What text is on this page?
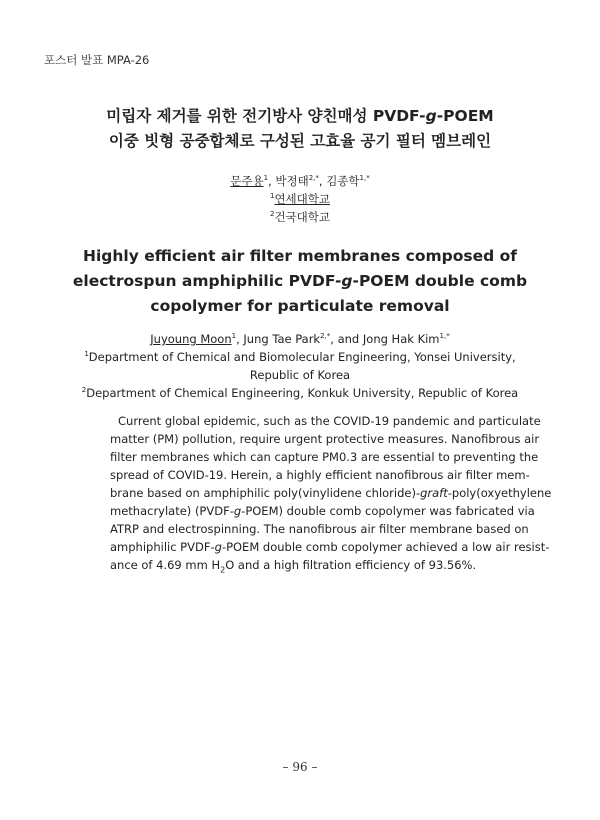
포스터 발표 MPA-26
미립자 제거를 위한 전기방사 양친매성 PVDF-g-POEM
이중 빗형 공중합체로 구성된 고효율 공기 필터 멤브레인
문주용$^1$, 박정태$^{2,*}$, 김종학$^{1,*}$
$^1$연세대학교
$^2$건국대학교
Highly efficient air filter membranes composed of
electrospun amphiphilic PVDF-g-POEM double comb
copolymer for particulate removal
Juyoung Moon$^1$, Jung Tae Park$^{2,*}$, and Jong Hak Kim$^{1,*}$
$^1$Department of Chemical and Biomolecular Engineering, Yonsei University,
Republic of Korea
$^2$Department of Chemical Engineering, Konkuk University, Republic of Korea
Current global epidemic, such as the COVID-19 pandemic and particulate
matter (PM) pollution, require urgent protective measures. Nanofibrous air
filter membranes which can capture PM0.3 are essential to preventing the
spread of COVID-19. Herein, a highly efficient nanofibrous air filter mem-
brane based on amphiphilic poly(vinylidene chloride)-graft-poly(oxyethylene
methacrylate) (PVDF-g-POEM) double comb copolymer was fabricated via
ATRP and electrospinning. The nanofibrous air filter membrane based on
amphiphilic PVDF-g-POEM double comb copolymer achieved a low air resist-
ance of 4.69 mm $H_2O$ and a high filtration efficiency of 93.56%.
– 96 –
